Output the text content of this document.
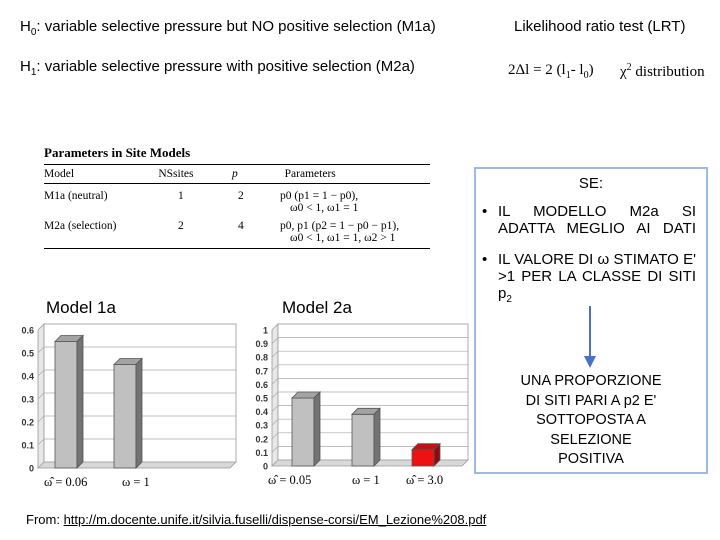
$H_0$: variable selective pressure but NO positive selection (M1a)
$H_1$: variable selective pressure with positive selection (M2a)
Likelihood ratio test (LRT)
2Δl = 2 ($l_1-$ $l_0$) $\chi^2$ distribution
Parameters in Site Models
Model	NSsites	p	Parameters
M1a (neutral)	1	2	p0 (p1 = 1 − p0),
ω0 < 1, ω1 = 1
M2a (selection)	2	4	p0, p1 (p2 = 1 − p0 − p1),
ω0 < 1, ω1 = 1, ω2 > 1
SE:
• IL MODELLO M2a SI ADATTA MEGLIO AI DATI
• IL VALORE DI ω STIMATO E' >1 PER LA CLASSE DI SITI $p_2$
UNA PROPORZIONE
DI SITI PARI A p2 E'
SOTTOPOSTA A
SELEZIONE
POSITIVA
Model 1a	Model 2a
0
0.1
0.2
0.3
0.4
0.5
0.6
ω̂ = 0.06	ω = 1
0
0.1
0.2
0.3
0.4
0.5
0.6
0.7
0.8
0.9
1
ω̂ = 0.05	ω = 1 ω̂ = 3.0
From: http://m.docente.unife.it/silvia.fuselli/dispense-corsi/EM_Lezione%208.pdf
